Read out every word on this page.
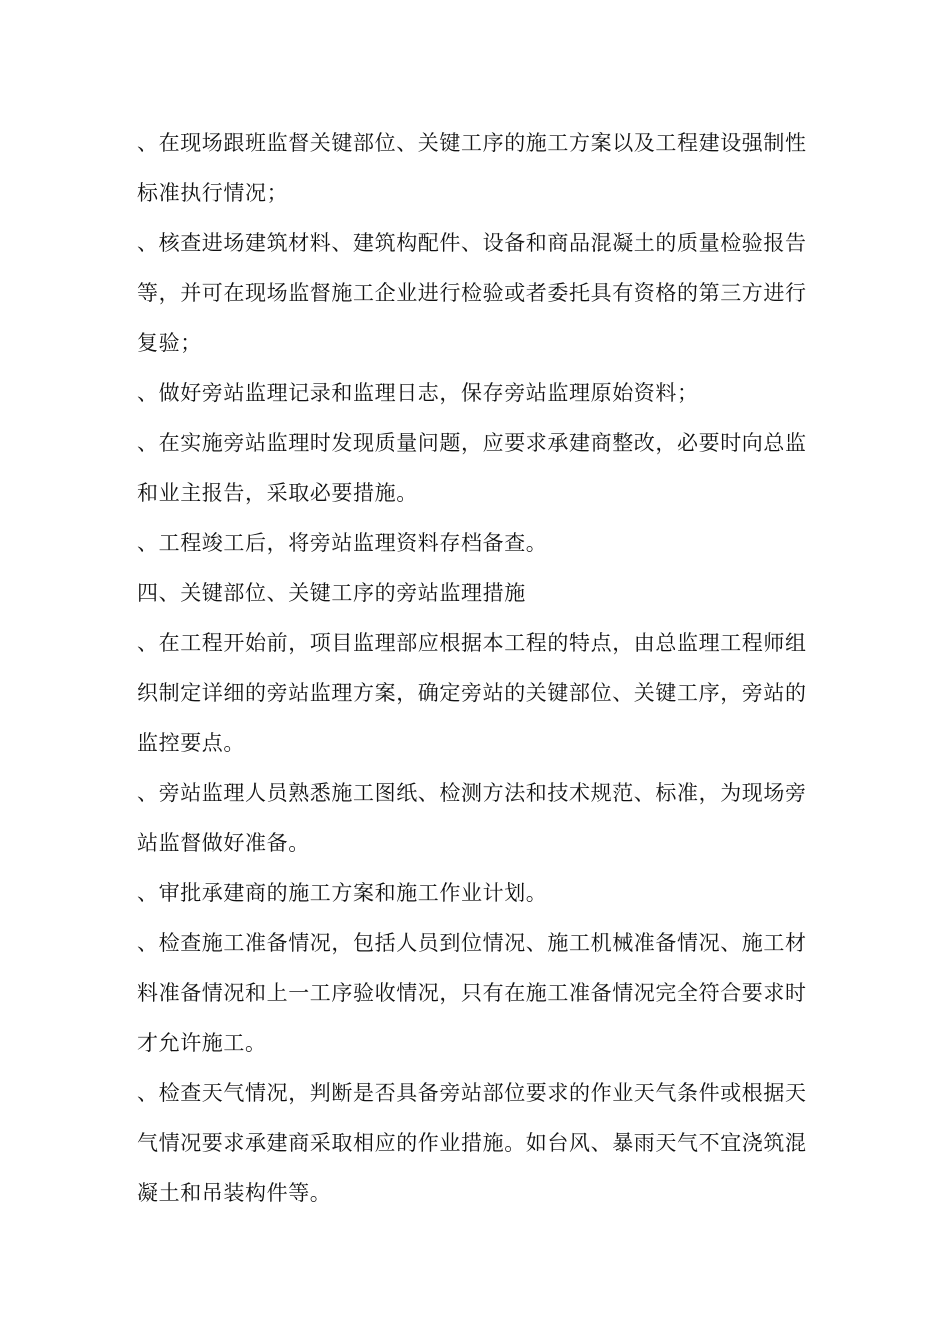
、在现场跟班监督关键部位、关键工序的施工方案以及工程建设强制性标准执行情况；

、核查进场建筑材料、建筑构配件、设备和商品混凝土的质量检验报告等，并可在现场监督施工企业进行检验或者委托具有资格的第三方进行复验；

、做好旁站监理记录和监理日志，保存旁站监理原始资料；

、在实施旁站监理时发现质量问题，应要求承建商整改，必要时向总监和业主报告，采取必要措施。

、工程竣工后，将旁站监理资料存档备查。

四、关键部位、关键工序的旁站监理措施

、在工程开始前，项目监理部应根据本工程的特点，由总监理工程师组织制定详细的旁站监理方案，确定旁站的关键部位、关键工序，旁站的监控要点。

、旁站监理人员熟悉施工图纸、检测方法和技术规范、标准，为现场旁站监督做好准备。

、审批承建商的施工方案和施工作业计划。

、检查施工准备情况，包括人员到位情况、施工机械准备情况、施工材料准备情况和上一工序验收情况，只有在施工准备情况完全符合要求时才允许施工。

、检查天气情况，判断是否具备旁站部位要求的作业天气条件或根据天气情况要求承建商采取相应的作业措施。如台风、暴雨天气不宜浇筑混凝土和吊装构件等。
